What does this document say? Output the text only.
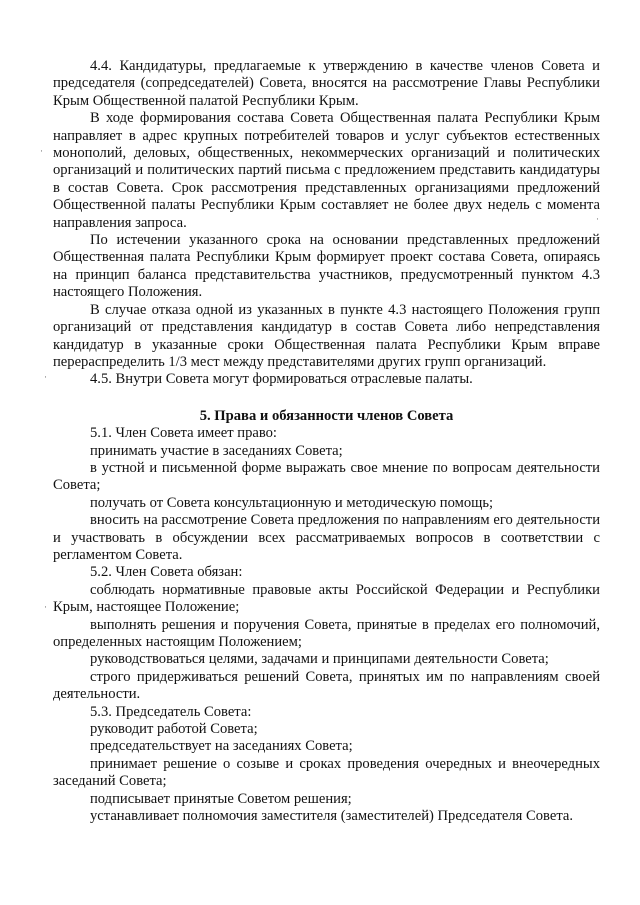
·
·
·
·

4.4. Кандидатуры, предлагаемые к утверждению в качестве членов Совета и председателя (сопредседателей) Совета, вносятся на рассмотрение Главы Республики Крым Общественной палатой Республики Крым.

В ходе формирования состава Совета Общественная палата Республики Крым направляет в адрес крупных потребителей товаров и услуг субъектов естественных монополий, деловых, общественных, некоммерческих организаций и политических организаций и политических партий письма с предложением представить кандидатуры в состав Совета. Срок рассмотрения представленных организациями предложений Общественной палаты Республики Крым составляет не более двух недель с момента направления запроса.

По истечении указанного срока на основании представленных предложений Общественная палата Республики Крым формирует проект состава Совета, опираясь на принцип баланса представительства участников, предусмотренный пунктом 4.3 настоящего Положения.

В случае отказа одной из указанных в пункте 4.3 настоящего Положения групп организаций от представления кандидатур в состав Совета либо непредставления кандидатур в указанные сроки Общественная палата Республики Крым вправе перераспределить 1/3 мест между представителями других групп организаций.

4.5. Внутри Совета могут формироваться отраслевые палаты.

5. Права и обязанности членов Совета

5.1. Член Совета имеет право:

принимать участие в заседаниях Совета;

в устной и письменной форме выражать свое мнение по вопросам деятельности Совета;

получать от Совета консультационную и методическую помощь;

вносить на рассмотрение Совета предложения по направлениям его деятельности и участвовать в обсуждении всех рассматриваемых вопросов в соответствии с регламентом Совета.

5.2. Член Совета обязан:

соблюдать нормативные правовые акты Российской Федерации и Республики Крым, настоящее Положение;

выполнять решения и поручения Совета, принятые в пределах его полномочий, определенных настоящим Положением;

руководствоваться целями, задачами и принципами деятельности Совета;

строго придерживаться решений Совета, принятых им по направлениям своей деятельности.

5.3. Председатель Совета:

руководит работой Совета;

председательствует на заседаниях Совета;

принимает решение о созыве и сроках проведения очередных и внеочередных заседаний Совета;

подписывает принятые Советом решения;

устанавливает полномочия заместителя (заместителей) Председателя Совета.
